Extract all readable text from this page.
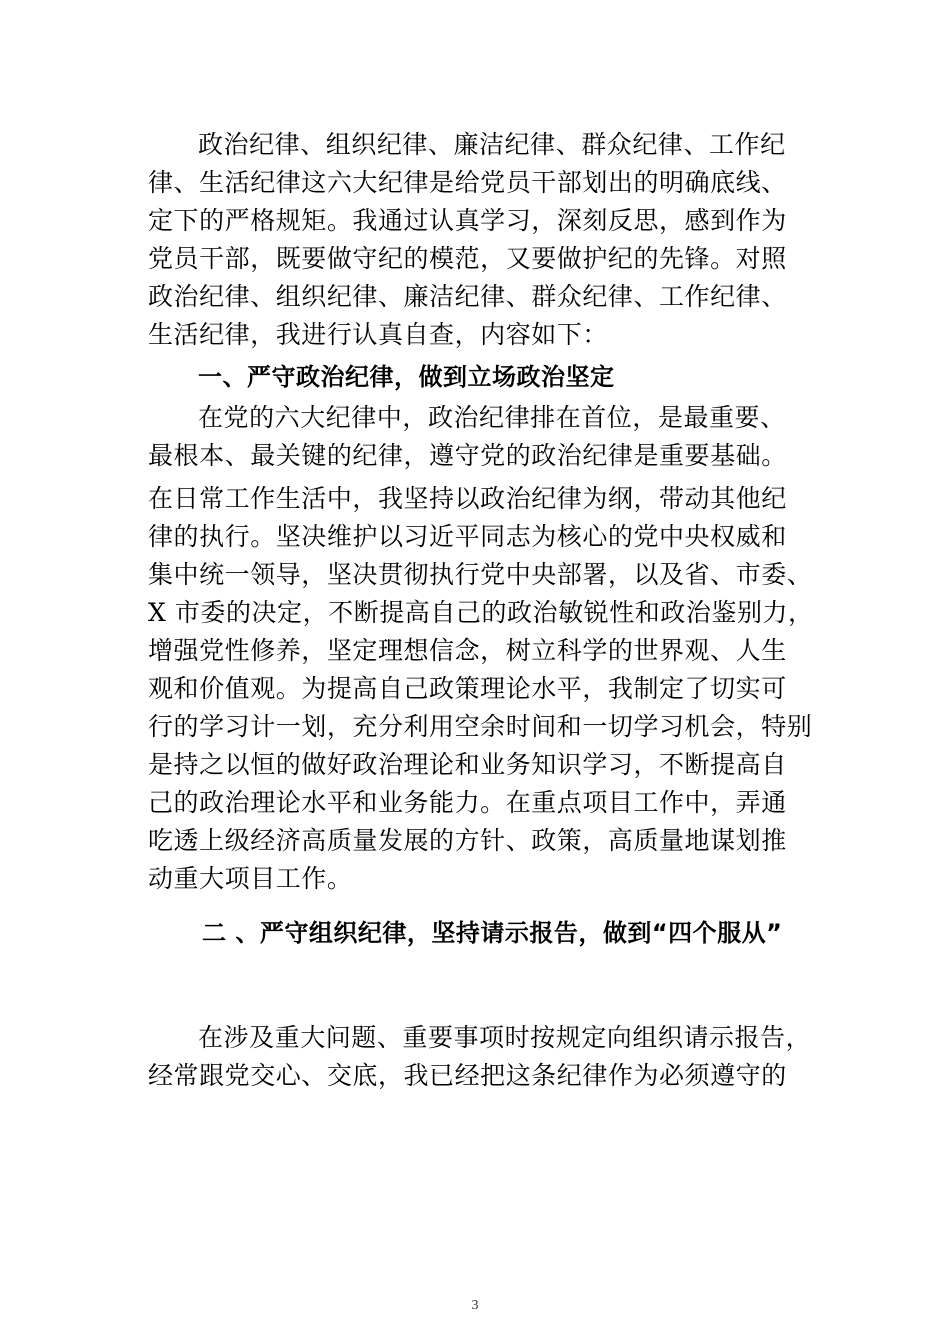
政治纪律、组织纪律、廉洁纪律、群众纪律、工作纪
律、生活纪律这六大纪律是给党员干部划出的明确底线、
定下的严格规矩。我通过认真学习，深刻反思，感到作为
党员干部，既要做守纪的模范，又要做护纪的先锋。对照
政治纪律、组织纪律、廉洁纪律、群众纪律、工作纪律、
生活纪律，我进行认真自查，内容如下：
一、严守政治纪律，做到立场政治坚定
在党的六大纪律中，政治纪律排在首位，是最重要、
最根本、最关键的纪律，遵守党的政治纪律是重要基础。
在日常工作生活中，我坚持以政治纪律为纲，带动其他纪
律的执行。坚决维护以习近平同志为核心的党中央权威和
集中统一领导，坚决贯彻执行党中央部署，以及省、市委、
X 市委的决定，不断提高自己的政治敏锐性和政治鉴别力，
增强党性修养，坚定理想信念，树立科学的世界观、人生
观和价值观。为提高自己政策理论水平，我制定了切实可
行的学习计一划，充分利用空余时间和一切学习机会，特别
是持之以恒的做好政治理论和业务知识学习，不断提高自
己的政治理论水平和业务能力。在重点项目工作中，弄通
吃透上级经济高质量发展的方针、政策，高质量地谋划推
动重大项目工作。
二 、严守组织纪律，坚持请示报告，做到“四个服从”
在涉及重大问题、重要事项时按规定向组织请示报告，
经常跟党交心、交底，我已经把这条纪律作为必须遵守的
3
